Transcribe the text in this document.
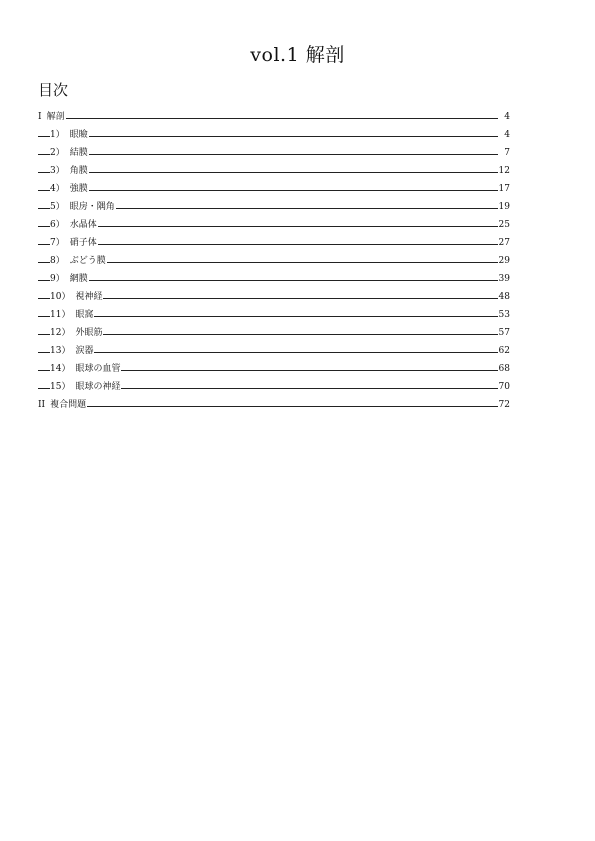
vol.1 解剖
目次
I 解剖	4
1） 眼瞼	4
2） 結膜	7
3） 角膜	12
4） 強膜	17
5） 眼房・隅角	19
6） 水晶体	25
7） 硝子体	27
8） ぶどう膜	29
9） 網膜	39
10） 視神経	48
11） 眼窩	53
12） 外眼筋	57
13） 涙器	62
14） 眼球の血管	68
15） 眼球の神経	70
II 複合問題	72
